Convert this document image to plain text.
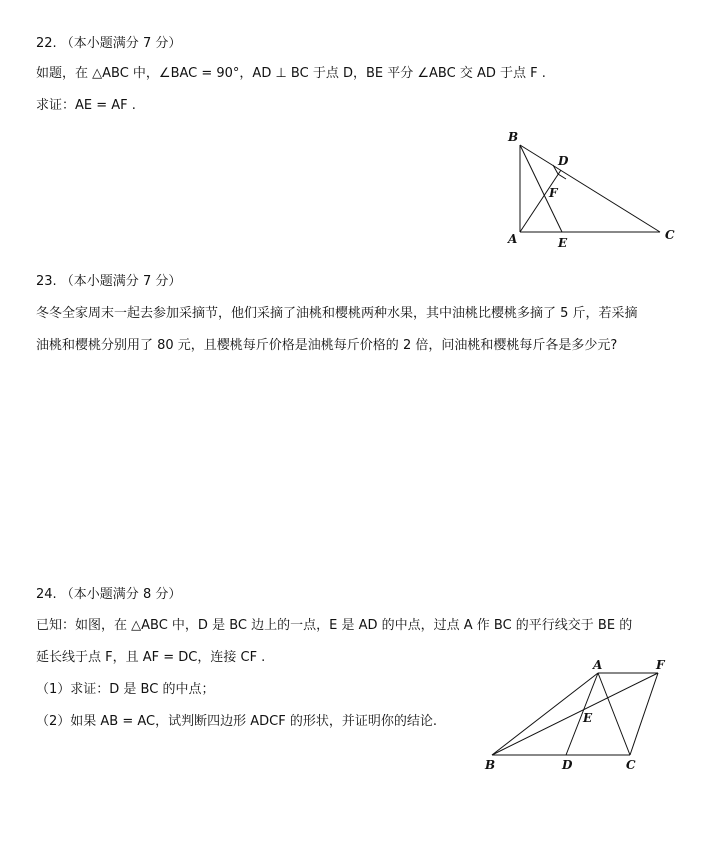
22. （本小题满分 7 分）
如题，在 △ABC 中，∠BAC = 90°，AD ⊥ BC 于点 D，BE 平分 ∠ABC 交 AD 于点 F .
求证：AE = AF .
B
D
F
A	E
C
23. （本小题满分 7 分）
冬冬全家周末一起去参加采摘节，他们采摘了油桃和樱桃两种水果，其中油桃比樱桃多摘了 5 斤，若采摘
油桃和樱桃分别用了 80 元，且樱桃每斤价格是油桃每斤价格的 2 倍，问油桃和樱桃每斤各是多少元?
24. （本小题满分 8 分）
已知：如图，在 △ABC 中，D 是 BC 边上的一点，E 是 AD 的中点，过点 A 作 BC 的平行线交于 BE 的
延长线于点 F，且 AF = DC，连接 CF .
（1）求证：D 是 BC 的中点；
（2）如果 AB = AC，试判断四边形 ADCF 的形状，并证明你的结论.
A	F
E
B	D	C
